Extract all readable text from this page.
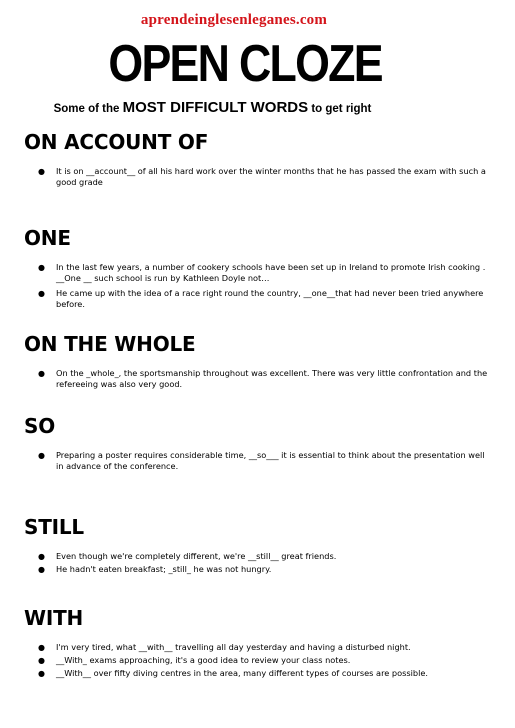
aprendeinglesenleganes.com
OPEN CLOZE
Some of the MOST DIFFICULT WORDS to get right
ON ACCOUNT OF
● It is on __account__ of all his hard work over the winter months that he has passed the exam with such a good grade
ONE
● In the last few years, a number of cookery schools have been set up in Ireland to promote Irish cooking . __One __ such school is run by Kathleen Doyle not…
● He came up with the idea of a race right round the country, __one__that had never been tried anywhere before.
ON THE WHOLE
● On the _whole_, the sportsmanship throughout was excellent. There was very little confrontation and the refereeing was also very good.
SO
● Preparing a poster requires considerable time, __so___ it is essential to think about the presentation well in advance of the conference.
STILL
● Even though we're completely different, we're __still__ great friends.
● He hadn't eaten breakfast; _still_ he was not hungry.
WITH
● I'm very tired, what __with__ travelling all day yesterday and having a disturbed night.
● __With_ exams approaching, it's a good idea to review your class notes.
● __With__ over fifty diving centres in the area, many different types of courses are possible.
